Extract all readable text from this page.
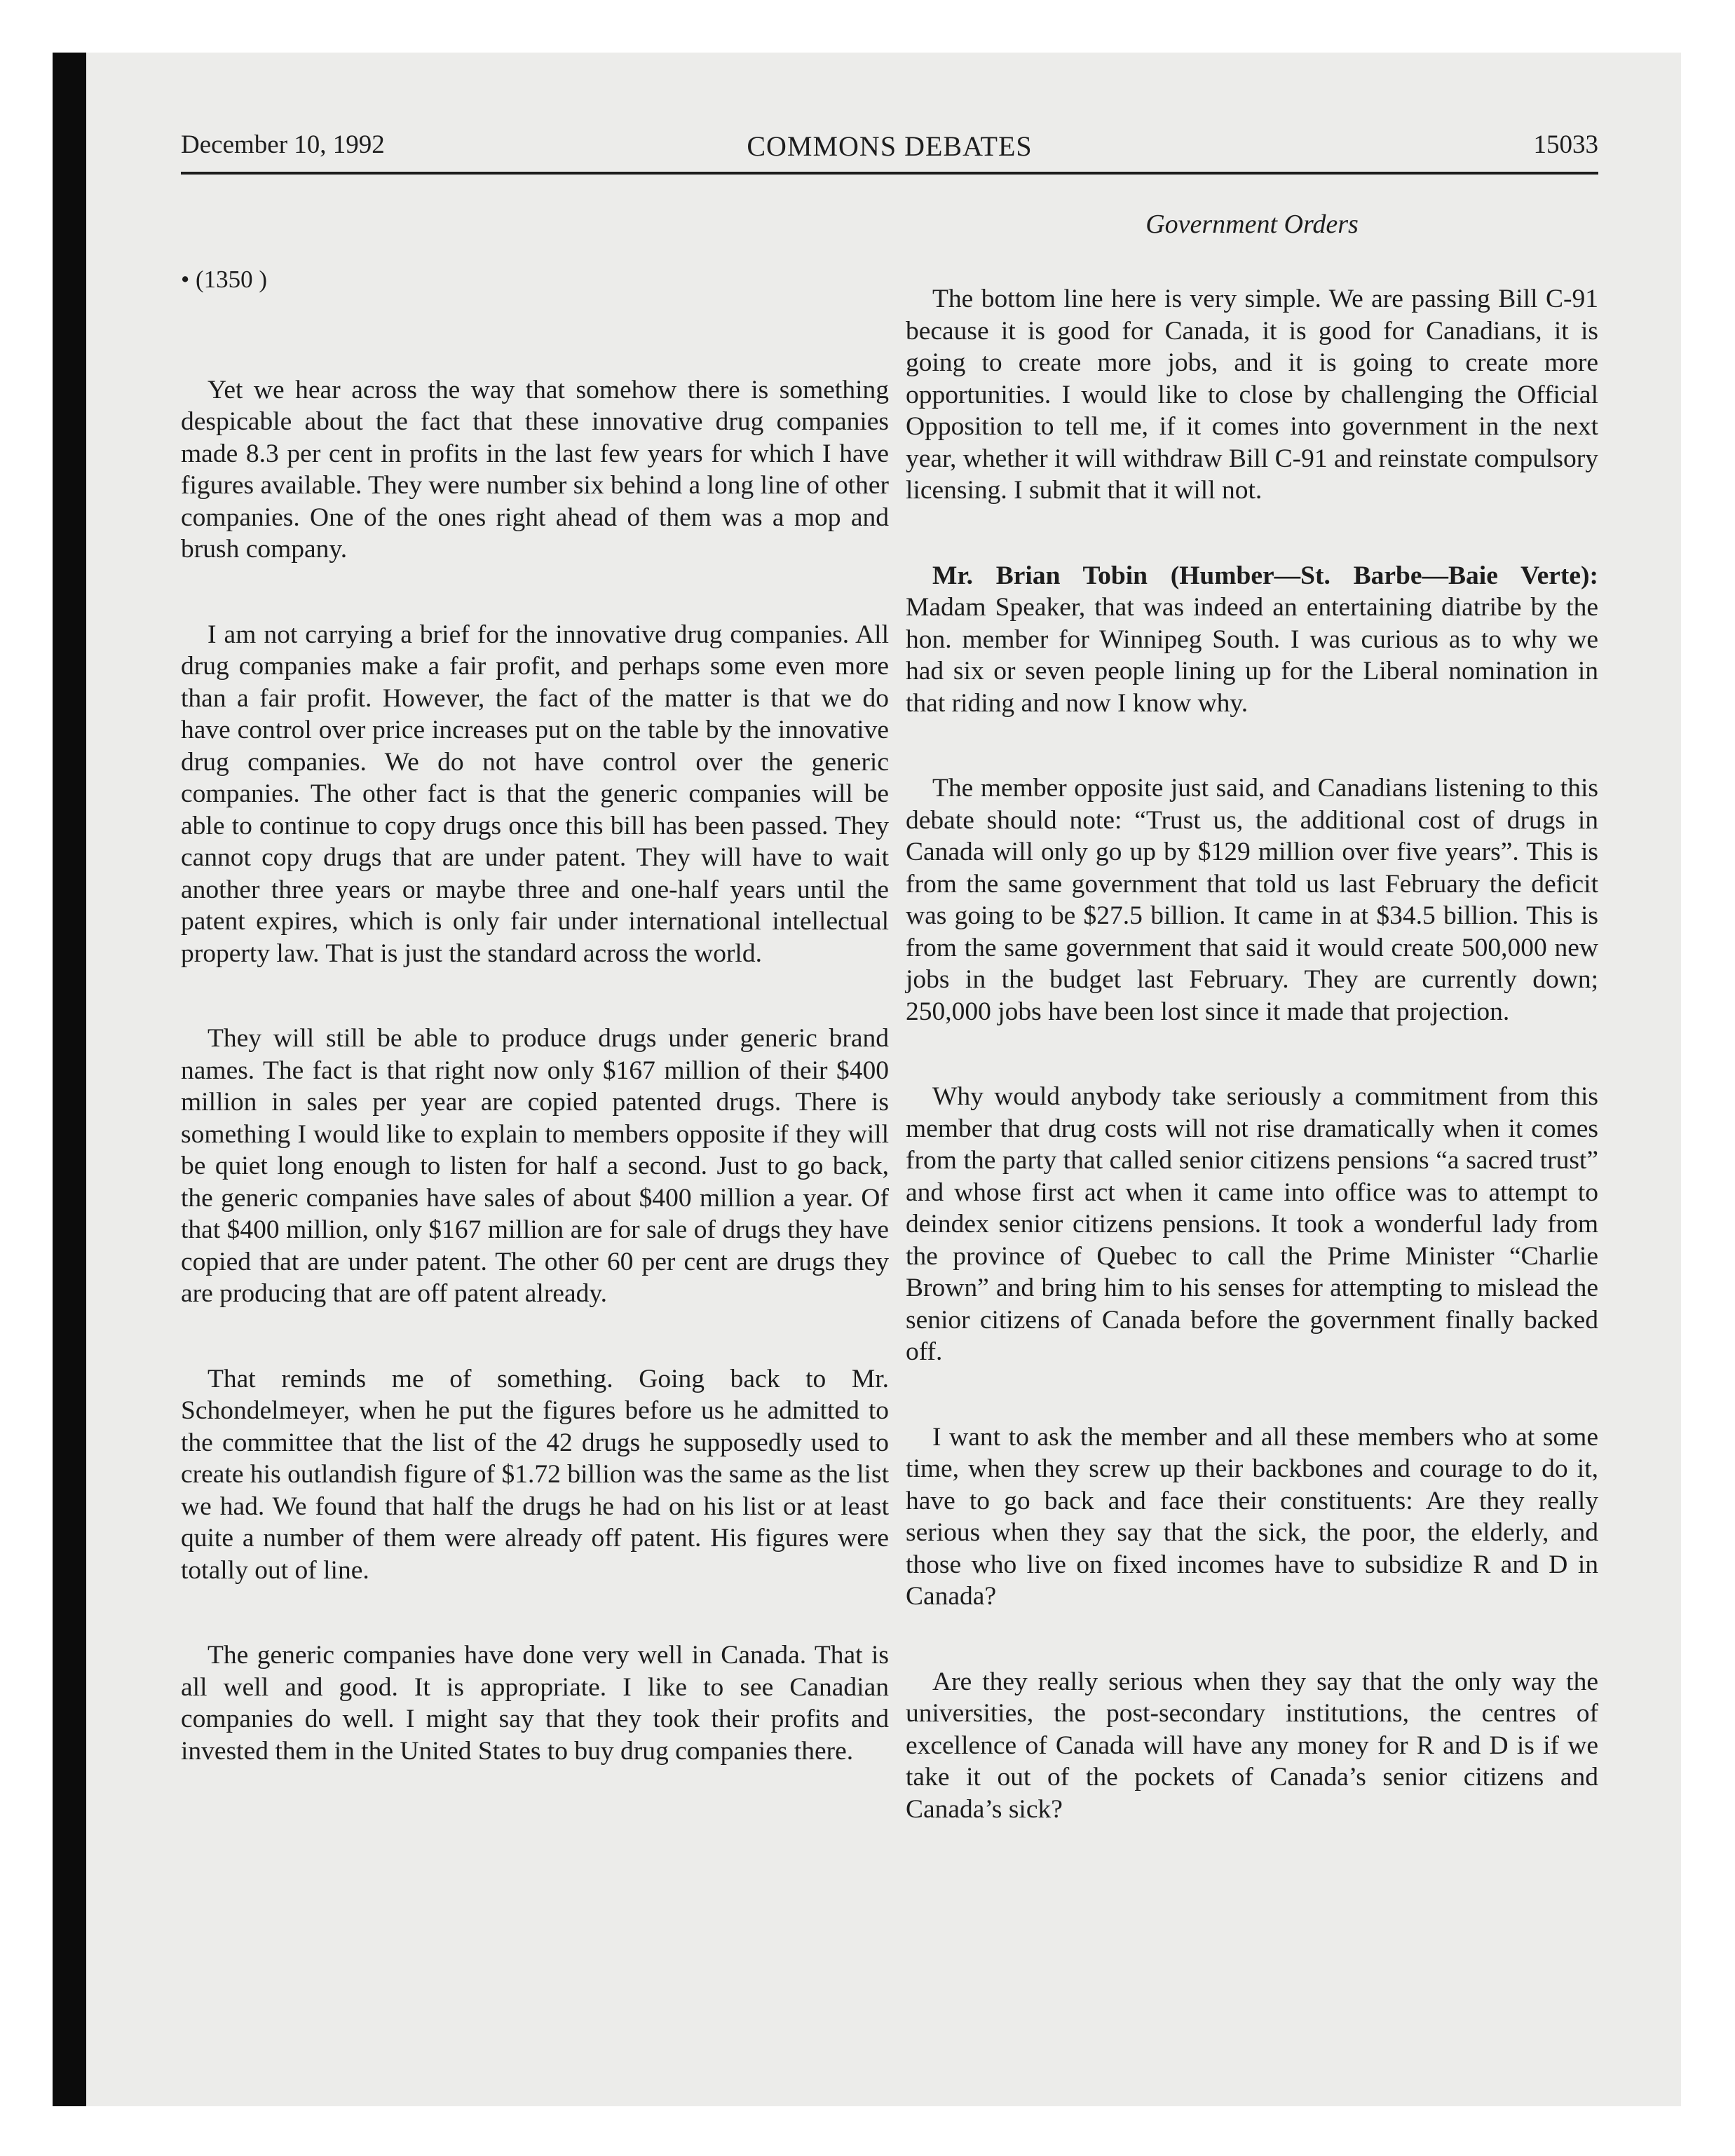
December 10, 1992	COMMONS DEBATES	15033
• (1350 )

Yet we hear across the way that somehow there is something despicable about the fact that these innovative drug companies made 8.3 per cent in profits in the last few years for which I have figures available. They were number six behind a long line of other companies. One of the ones right ahead of them was a mop and brush company.

I am not carrying a brief for the innovative drug companies. All drug companies make a fair profit, and perhaps some even more than a fair profit. However, the fact of the matter is that we do have control over price increases put on the table by the innovative drug companies. We do not have control over the generic companies. The other fact is that the generic companies will be able to continue to copy drugs once this bill has been passed. They cannot copy drugs that are under patent. They will have to wait another three years or maybe three and one-half years until the patent expires, which is only fair under international intellectual property law. That is just the standard across the world.

They will still be able to produce drugs under generic brand names. The fact is that right now only $167 million of their $400 million in sales per year are copied patented drugs. There is something I would like to explain to members opposite if they will be quiet long enough to listen for half a second. Just to go back, the generic companies have sales of about $400 million a year. Of that $400 million, only $167 million are for sale of drugs they have copied that are under patent. The other 60 per cent are drugs they are producing that are off patent already.

That reminds me of something. Going back to Mr. Schondelmeyer, when he put the figures before us he admitted to the committee that the list of the 42 drugs he supposedly used to create his outlandish figure of $1.72 billion was the same as the list we had. We found that half the drugs he had on his list or at least quite a number of them were already off patent. His figures were totally out of line.

The generic companies have done very well in Canada. That is all well and good. It is appropriate. I like to see Canadian companies do well. I might say that they took their profits and invested them in the United States to buy drug companies there.

Government Orders

The bottom line here is very simple. We are passing Bill C-91 because it is good for Canada, it is good for Canadians, it is going to create more jobs, and it is going to create more opportunities. I would like to close by challenging the Official Opposition to tell me, if it comes into government in the next year, whether it will withdraw Bill C-91 and reinstate compulsory licensing. I submit that it will not.

Mr. Brian Tobin (Humber—St. Barbe—Baie Verte): Madam Speaker, that was indeed an entertaining diatribe by the hon. member for Winnipeg South. I was curious as to why we had six or seven people lining up for the Liberal nomination in that riding and now I know why.

The member opposite just said, and Canadians listening to this debate should note: “Trust us, the additional cost of drugs in Canada will only go up by $129 million over five years”. This is from the same government that told us last February the deficit was going to be $27.5 billion. It came in at $34.5 billion. This is from the same government that said it would create 500,000 new jobs in the budget last February. They are currently down; 250,000 jobs have been lost since it made that projection.

Why would anybody take seriously a commitment from this member that drug costs will not rise dramatically when it comes from the party that called senior citizens pensions “a sacred trust” and whose first act when it came into office was to attempt to deindex senior citizens pensions. It took a wonderful lady from the province of Quebec to call the Prime Minister “Charlie Brown” and bring him to his senses for attempting to mislead the senior citizens of Canada before the government finally backed off.

I want to ask the member and all these members who at some time, when they screw up their backbones and courage to do it, have to go back and face their constituents: Are they really serious when they say that the sick, the poor, the elderly, and those who live on fixed incomes have to subsidize R and D in Canada?

Are they really serious when they say that the only way the universities, the post-secondary institutions, the centres of excellence of Canada will have any money for R and D is if we take it out of the pockets of Canada’s senior citizens and Canada’s sick?
